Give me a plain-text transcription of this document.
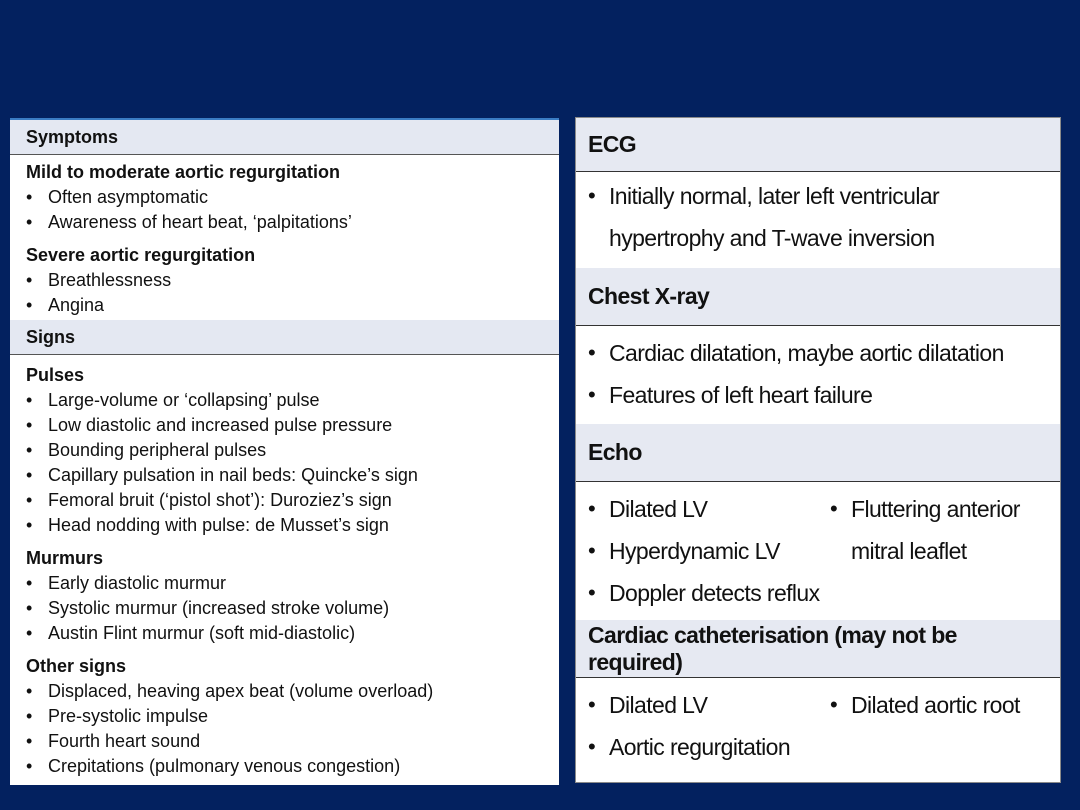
Symptoms
Mild to moderate aortic regurgitation
• Often asymptomatic
• Awareness of heart beat, ‘palpitations’
Severe aortic regurgitation
• Breathlessness
• Angina
Signs
Pulses
• Large-volume or ‘collapsing’ pulse
• Low diastolic and increased pulse pressure
• Bounding peripheral pulses
• Capillary pulsation in nail beds: Quincke’s sign
• Femoral bruit (‘pistol shot’): Duroziez’s sign
• Head nodding with pulse: de Musset’s sign
Murmurs
• Early diastolic murmur
• Systolic murmur (increased stroke volume)
• Austin Flint murmur (soft mid-diastolic)
Other signs
• Displaced, heaving apex beat (volume overload)
• Pre-systolic impulse
• Fourth heart sound
• Crepitations (pulmonary venous congestion)
ECG
• Initially normal, later left ventricular hypertrophy and T-wave inversion
Chest X-ray
• Cardiac dilatation, maybe aortic dilatation
• Features of left heart failure
Echo
• Dilated LV
• Hyperdynamic LV
• Doppler detects reflux
• Fluttering anterior mitral leaflet
Cardiac catheterisation (may not be required)
• Dilated LV
• Aortic regurgitation
• Dilated aortic root
